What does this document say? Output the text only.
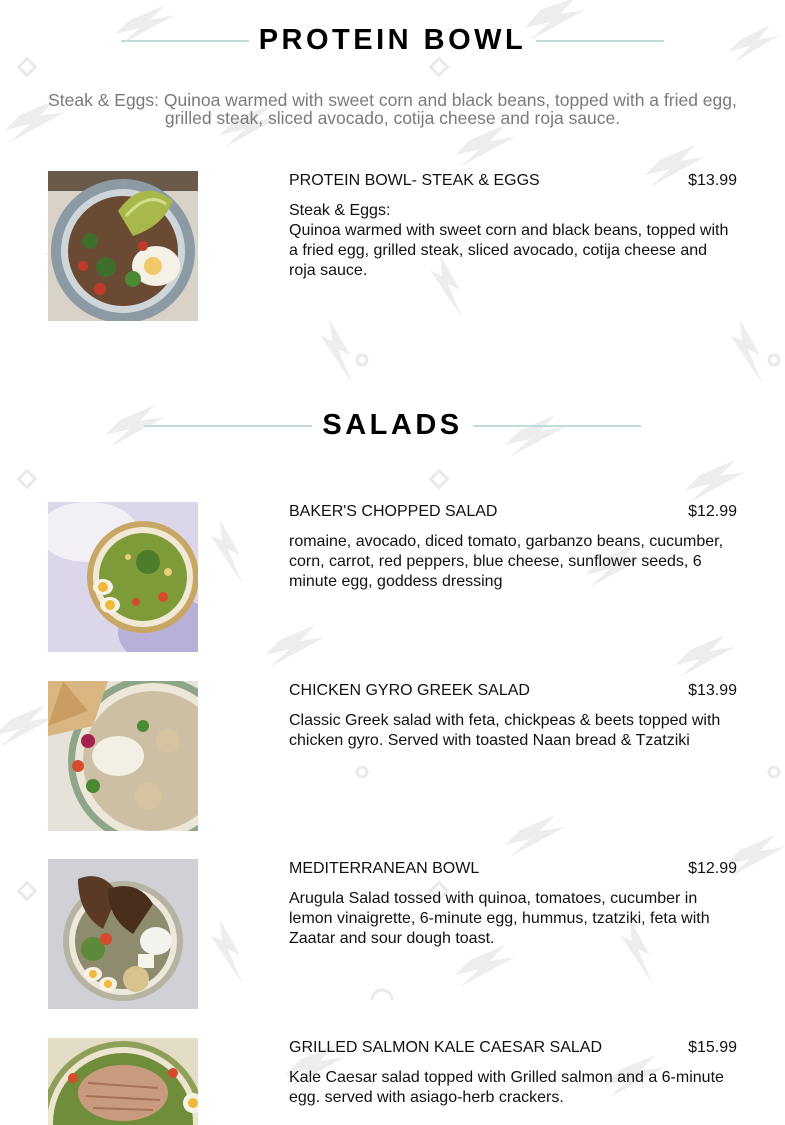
PROTEIN BOWL
Steak & Eggs: Quinoa warmed with sweet corn and black beans, topped with a fried egg, grilled steak, sliced avocado, cotija cheese and roja sauce.
PROTEIN BOWL- STEAK & EGGS	$13.99
Steak & Eggs:
Quinoa warmed with sweet corn and black beans, topped with a fried egg, grilled steak, sliced avocado, cotija cheese and roja sauce.
SALADS
BAKER'S CHOPPED SALAD	$12.99
romaine, avocado, diced tomato, garbanzo beans, cucumber, corn, carrot, red peppers, blue cheese, sunflower seeds, 6 minute egg, goddess dressing
CHICKEN GYRO GREEK SALAD	$13.99
Classic Greek salad with feta, chickpeas & beets topped with chicken gyro. Served with toasted Naan bread & Tzatziki
MEDITERRANEAN BOWL	$12.99
Arugula Salad tossed with quinoa, tomatoes, cucumber in lemon vinaigrette, 6-minute egg, hummus, tzatziki, feta with Zaatar and sour dough toast.
GRILLED SALMON KALE CAESAR SALAD	$15.99
Kale Caesar salad topped with Grilled salmon and a 6-minute egg. served with asiago-herb crackers.
